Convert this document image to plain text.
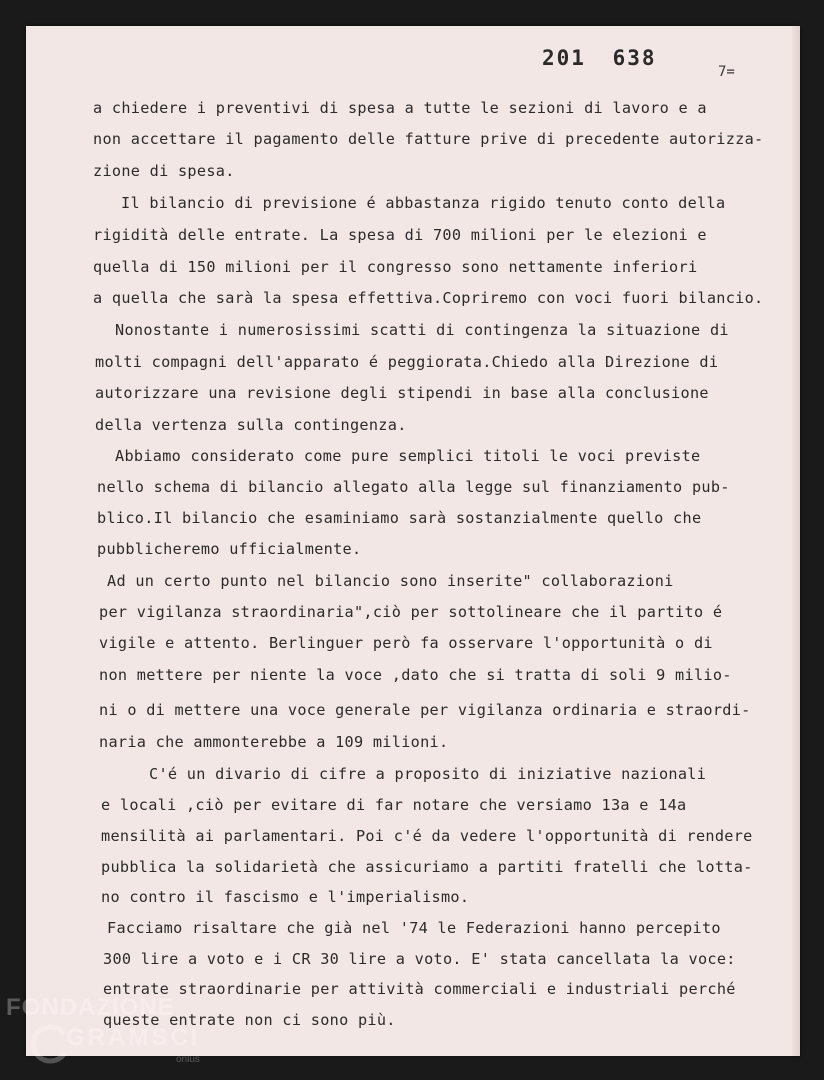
201 638
7=
a chiedere i preventivi di spesa a tutte le sezioni di lavoro e a
non accettare il pagamento delle fatture prive di precedente autorizza-
zione di spesa.
Il bilancio di previsione é abbastanza rigido tenuto conto della
rigidità delle entrate. La spesa di 700 milioni per le elezioni e
quella di 150 milioni per il congresso sono nettamente inferiori
a quella che sarà la spesa effettiva.Copriremo con voci fuori bilancio.
Nonostante i numerosissimi scatti di contingenza la situazione di
molti compagni dell'apparato é peggiorata.Chiedo alla Direzione di
autorizzare una revisione degli stipendi in base alla conclusione
della vertenza sulla contingenza.
Abbiamo considerato come pure semplici titoli le voci previste
nello schema di bilancio allegato alla legge sul finanziamento pub-
blico.Il bilancio che esaminiamo sarà sostanzialmente quello che
pubblicheremo ufficialmente.
Ad un certo punto nel bilancio sono inserite" collaborazioni
per vigilanza straordinaria",ciò per sottolineare che il partito é
vigile e attento. Berlinguer però fa osservare l'opportunità o di
non mettere per niente la voce ,dato che si tratta di soli 9 milio-
ni o di mettere una voce generale per vigilanza ordinaria e straordi-
naria che ammonterebbe a 109 milioni.
C'é un divario di cifre a proposito di iniziative nazionali
e locali ,ciò per evitare di far notare che versiamo 13a e 14a
mensilità ai parlamentari. Poi c'é da vedere l'opportunità di rendere
pubblica la solidarietà che assicuriamo a partiti fratelli che lotta-
no contro il fascismo e l'imperialismo.
Facciamo risaltare che già nel '74 le Federazioni hanno percepito
300 lire a voto e i CR 30 lire a voto. E' stata cancellata la voce:
entrate straordinarie per attività commerciali e industriali perché
queste entrate non ci sono più.
FONDAZIONE
GRAMSCI
onlus
